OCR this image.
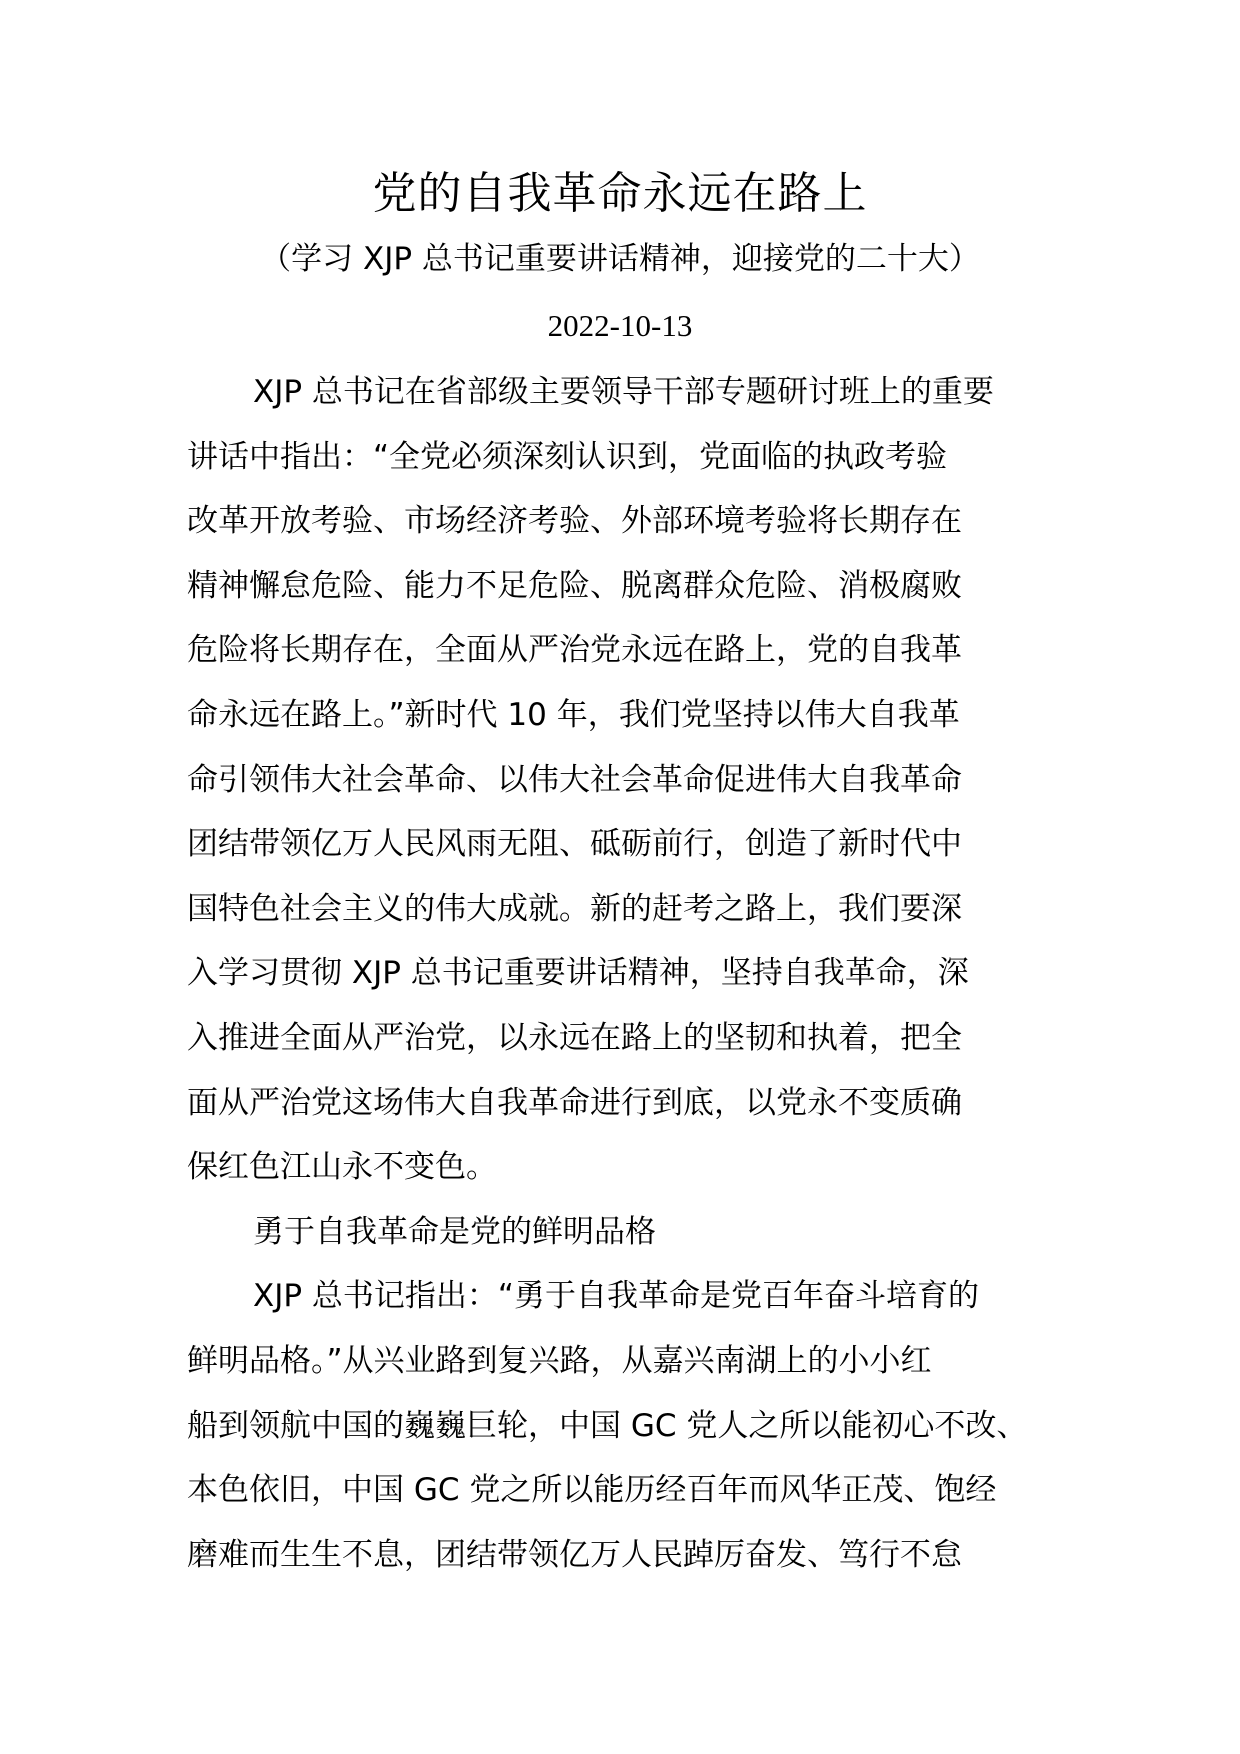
党的自我革命永远在路上
（学习 XJP 总书记重要讲话精神，迎接党的二十大）
2022-10-13
XJP 总书记在省部级主要领导干部专题研讨班上的重要
讲话中指出：“全党必须深刻认识到，党面临的执政考验
改革开放考验、市场经济考验、外部环境考验将长期存在
精神懈怠危险、能力不足危险、脱离群众危险、消极腐败
危险将长期存在，全面从严治党永远在路上，党的自我革
命永远在路上。”新时代 10 年，我们党坚持以伟大自我革
命引领伟大社会革命、以伟大社会革命促进伟大自我革命
团结带领亿万人民风雨无阻、砥砺前行，创造了新时代中
国特色社会主义的伟大成就。新的赶考之路上，我们要深
入学习贯彻 XJP 总书记重要讲话精神，坚持自我革命，深
入推进全面从严治党，以永远在路上的坚韧和执着，把全
面从严治党这场伟大自我革命进行到底，以党永不变质确
保红色江山永不变色。
勇于自我革命是党的鲜明品格
XJP 总书记指出：“勇于自我革命是党百年奋斗培育的
鲜明品格。”从兴业路到复兴路，从嘉兴南湖上的小小红
船到领航中国的巍巍巨轮，中国 GC 党人之所以能初心不改、
本色依旧，中国 GC 党之所以能历经百年而风华正茂、饱经
磨难而生生不息，团结带领亿万人民踔厉奋发、笃行不怠
